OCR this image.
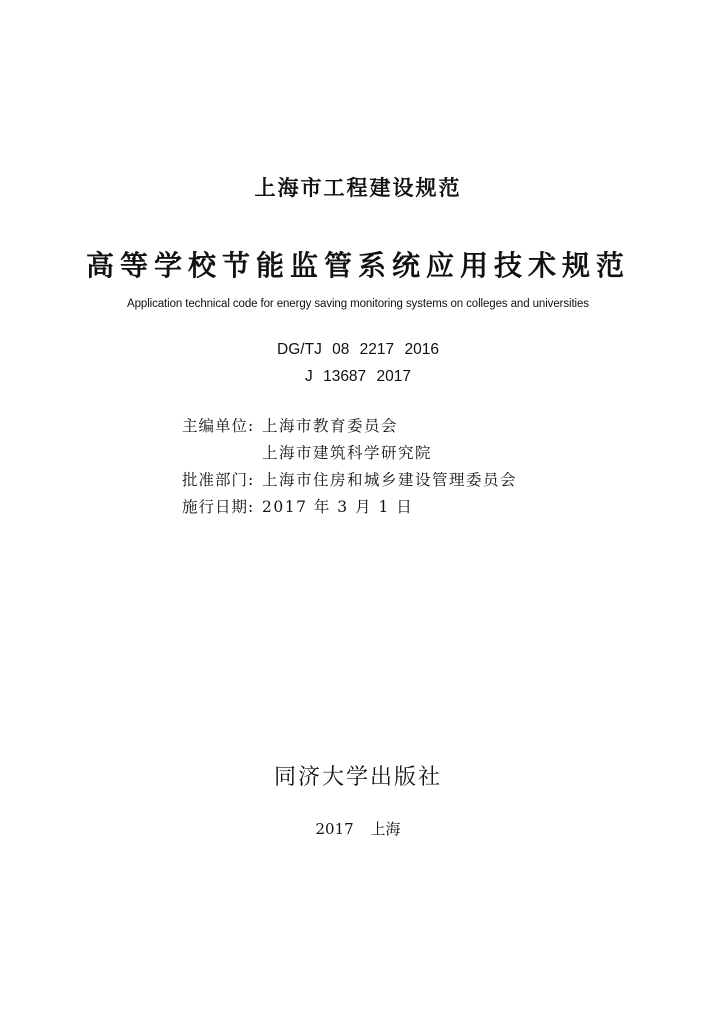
上海市工程建设规范
高等学校节能监管系统应用技术规范
Application technical code for energy saving monitoring systems on colleges and universities
DG/TJ 08 2217 2016
J 13687 2017
主编单位: 上海市教育委员会
上海市建筑科学研究院
批准部门: 上海市住房和城乡建设管理委员会
施行日期: 2017 年 3 月 1 日
同济大学出版社
2017 上海
